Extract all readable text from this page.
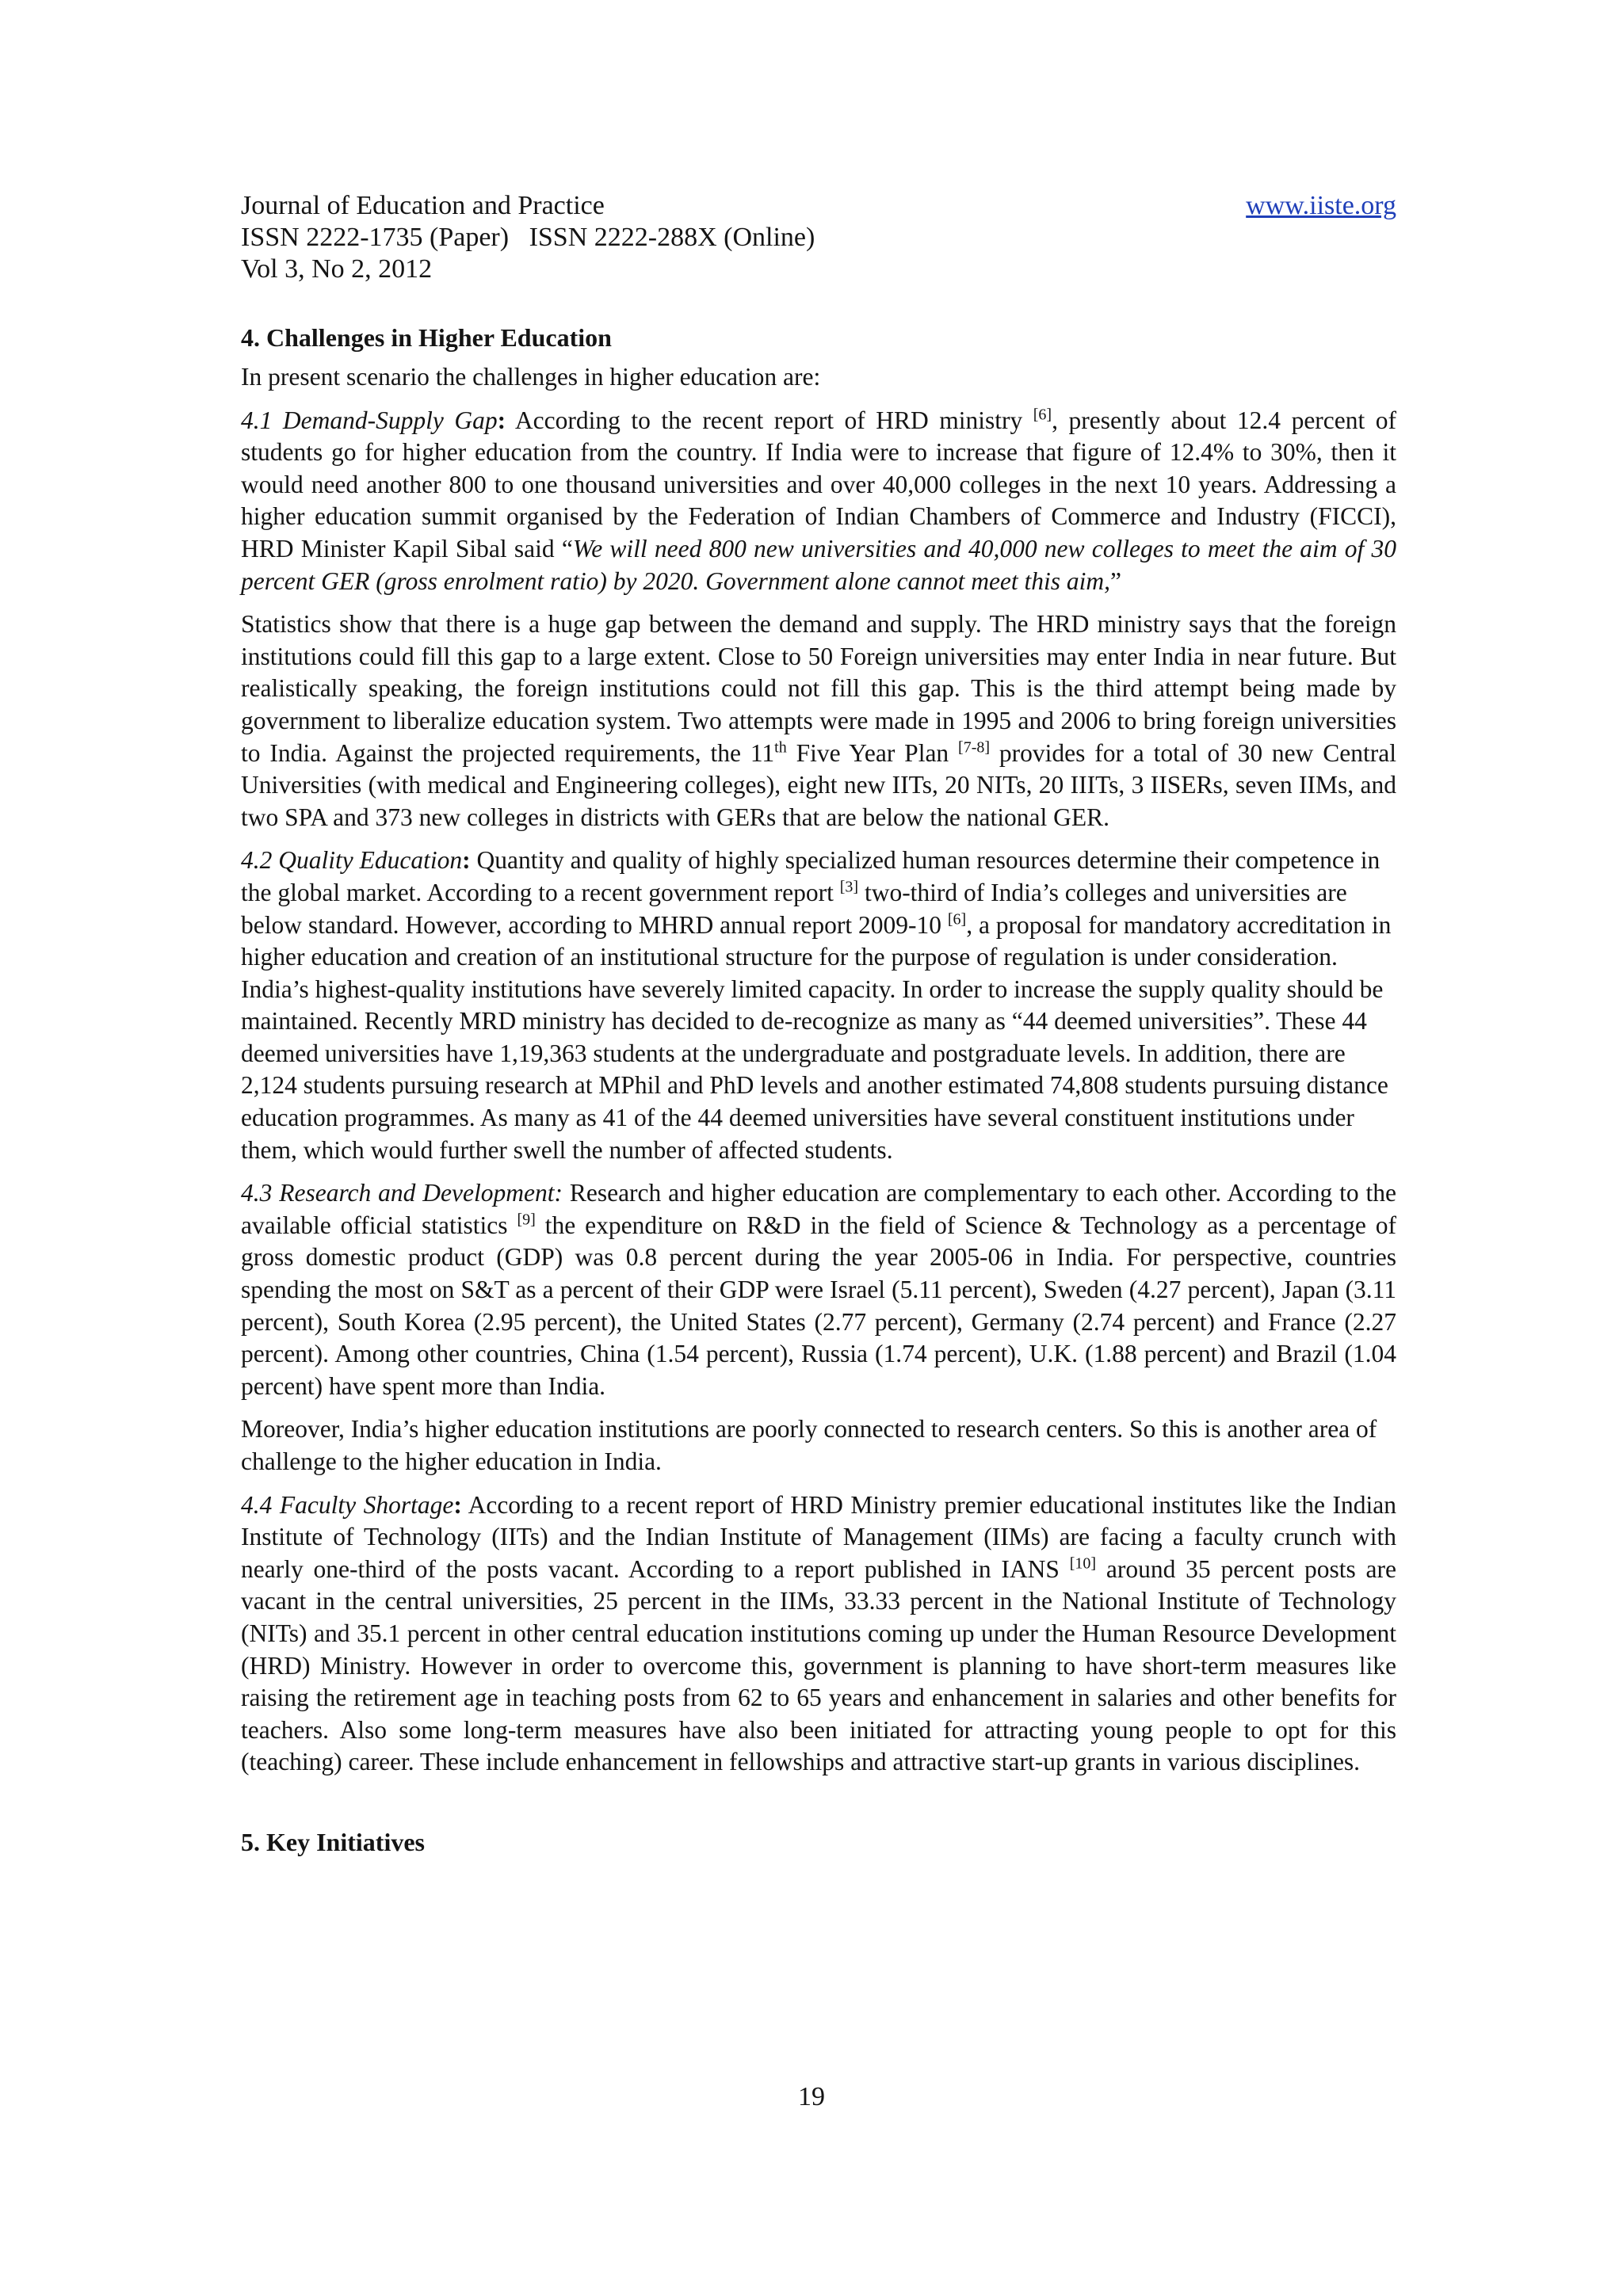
Journal of Education and Practice	www.iiste.org
ISSN 2222-1735 (Paper)   ISSN 2222-288X (Online)
Vol 3, No 2, 2012
4. Challenges in Higher Education

In present scenario the challenges in higher education are:

4.1 Demand-Supply Gap: According to the recent report of HRD ministry [6], presently about 12.4 percent of students go for higher education from the country. If India were to increase that figure of 12.4% to 30%, then it would need another 800 to one thousand universities and over 40,000 colleges in the next 10 years. Addressing a higher education summit organised by the Federation of Indian Chambers of Commerce and Industry (FICCI), HRD Minister Kapil Sibal said “We will need 800 new universities and 40,000 new colleges to meet the aim of 30 percent GER (gross enrolment ratio) by 2020. Government alone cannot meet this aim,”

Statistics show that there is a huge gap between the demand and supply. The HRD ministry says that the foreign institutions could fill this gap to a large extent. Close to 50 Foreign universities may enter India in near future. But realistically speaking, the foreign institutions could not fill this gap. This is the third attempt being made by government to liberalize education system. Two attempts were made in 1995 and 2006 to bring foreign universities to India. Against the projected requirements, the 11th Five Year Plan [7-8] provides for a total of 30 new Central Universities (with medical and Engineering colleges), eight new IITs, 20 NITs, 20 IIITs, 3 IISERs, seven IIMs, and two SPA and 373 new colleges in districts with GERs that are below the national GER.

4.2 Quality Education: Quantity and quality of highly specialized human resources determine their competence in the global market. According to a recent government report [3] two-third of India’s colleges and universities are below standard. However, according to MHRD annual report 2009-10 [6], a proposal for mandatory accreditation in higher education and creation of an institutional structure for the purpose of regulation is under consideration. India’s highest-quality institutions have severely limited capacity. In order to increase the supply quality should be maintained. Recently MRD ministry has decided to de-recognize as many as “44 deemed universities”. These 44 deemed universities have 1,19,363 students at the undergraduate and postgraduate levels. In addition, there are 2,124 students pursuing research at MPhil and PhD levels and another estimated 74,808 students pursuing distance education programmes. As many as 41 of the 44 deemed universities have several constituent institutions under them, which would further swell the number of affected students.

4.3 Research and Development: Research and higher education are complementary to each other. According to the available official statistics [9] the expenditure on R&D in the field of Science & Technology as a percentage of gross domestic product (GDP) was 0.8 percent during the year 2005-06 in India. For perspective, countries spending the most on S&T as a percent of their GDP were Israel (5.11 percent), Sweden (4.27 percent), Japan (3.11 percent), South Korea (2.95 percent), the United States (2.77 percent), Germany (2.74 percent) and France (2.27 percent). Among other countries, China (1.54 percent), Russia (1.74 percent), U.K. (1.88 percent) and Brazil (1.04 percent) have spent more than India.

Moreover, India’s higher education institutions are poorly connected to research centers. So this is another area of challenge to the higher education in India.

4.4 Faculty Shortage: According to a recent report of HRD Ministry premier educational institutes like the Indian Institute of Technology (IITs) and the Indian Institute of Management (IIMs) are facing a faculty crunch with nearly one-third of the posts vacant. According to a report published in IANS [10] around 35 percent posts are vacant in the central universities, 25 percent in the IIMs, 33.33 percent in the National Institute of Technology (NITs) and 35.1 percent in other central education institutions coming up under the Human Resource Development (HRD) Ministry. However in order to overcome this, government is planning to have short-term measures like raising the retirement age in teaching posts from 62 to 65 years and enhancement in salaries and other benefits for teachers. Also some long-term measures have also been initiated for attracting young people to opt for this (teaching) career. These include enhancement in fellowships and attractive start-up grants in various disciplines.

5. Key Initiatives
19
